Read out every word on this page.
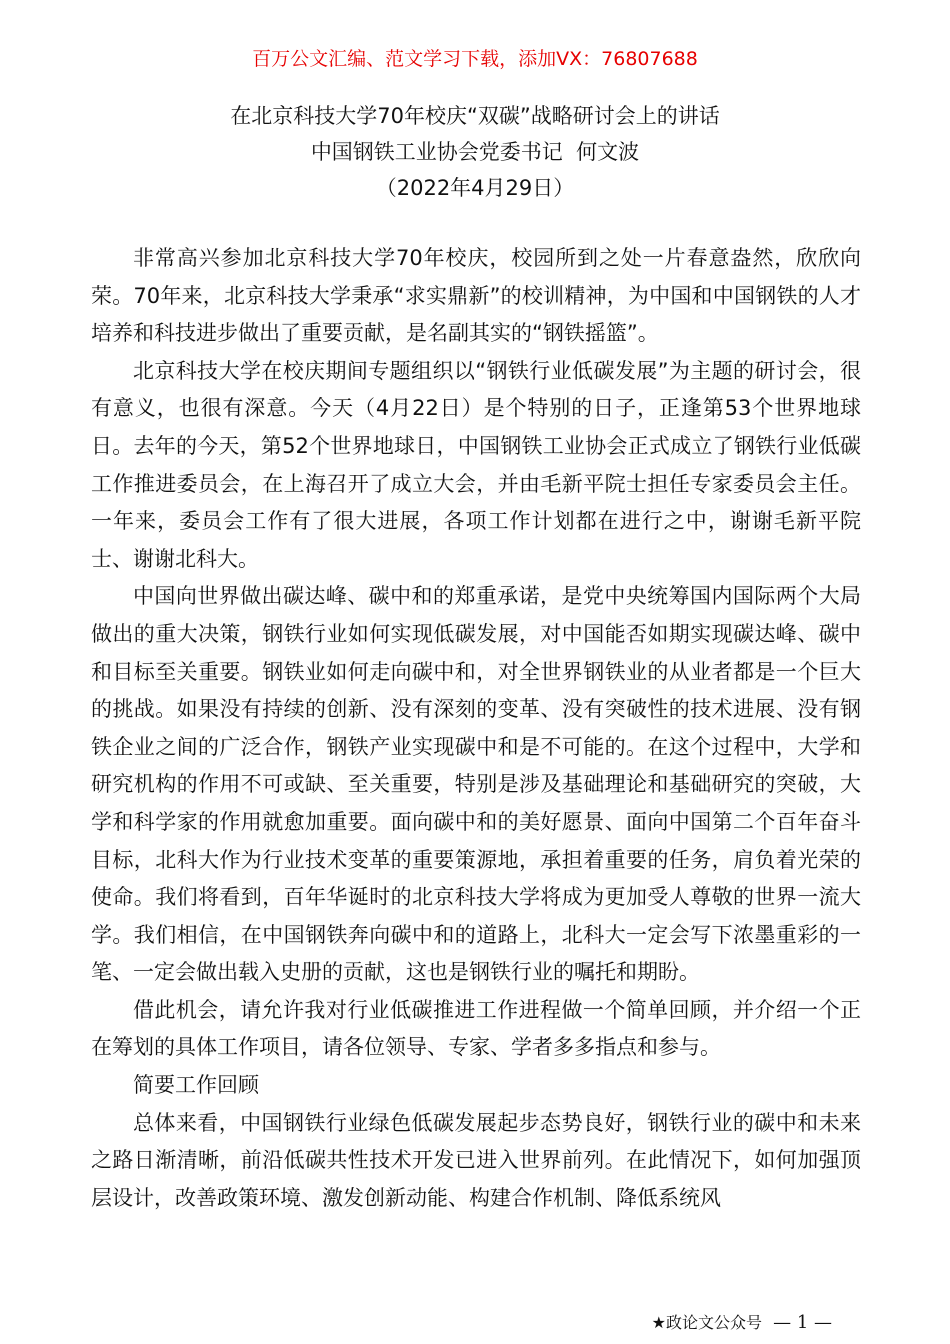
百万公文汇编、范文学习下载，添加VX：76807688
在北京科技大学70年校庆“双碳”战略研讨会上的讲话
中国钢铁工业协会党委书记  何文波
（2022年4月29日）

非常高兴参加北京科技大学70年校庆，校园所到之处一片春意盎然，欣欣向荣。70年来，北京科技大学秉承“求实鼎新”的校训精神，为中国和中国钢铁的人才培养和科技进步做出了重要贡献，是名副其实的“钢铁摇篮”。

北京科技大学在校庆期间专题组织以“钢铁行业低碳发展”为主题的研讨会，很有意义，也很有深意。今天（4月22日）是个特别的日子，正逢第53个世界地球日。去年的今天，第52个世界地球日，中国钢铁工业协会正式成立了钢铁行业低碳工作推进委员会，在上海召开了成立大会，并由毛新平院士担任专家委员会主任。一年来，委员会工作有了很大进展，各项工作计划都在进行之中，谢谢毛新平院士、谢谢北科大。

中国向世界做出碳达峰、碳中和的郑重承诺，是党中央统筹国内国际两个大局做出的重大决策，钢铁行业如何实现低碳发展，对中国能否如期实现碳达峰、碳中和目标至关重要。钢铁业如何走向碳中和，对全世界钢铁业的从业者都是一个巨大的挑战。如果没有持续的创新、没有深刻的变革、没有突破性的技术进展、没有钢铁企业之间的广泛合作，钢铁产业实现碳中和是不可能的。在这个过程中，大学和研究机构的作用不可或缺、至关重要，特别是涉及基础理论和基础研究的突破，大学和科学家的作用就愈加重要。面向碳中和的美好愿景、面向中国第二个百年奋斗目标，北科大作为行业技术变革的重要策源地，承担着重要的任务，肩负着光荣的使命。我们将看到，百年华诞时的北京科技大学将成为更加受人尊敬的世界一流大学。我们相信，在中国钢铁奔向碳中和的道路上，北科大一定会写下浓墨重彩的一笔、一定会做出载入史册的贡献，这也是钢铁行业的嘱托和期盼。

借此机会，请允许我对行业低碳推进工作进程做一个简单回顾，并介绍一个正在筹划的具体工作项目，请各位领导、专家、学者多多指点和参与。

简要工作回顾

总体来看，中国钢铁行业绿色低碳发展起步态势良好，钢铁行业的碳中和未来之路日渐清晰，前沿低碳共性技术开发已进入世界前列。在此情况下，如何加强顶层设计，改善政策环境、激发创新动能、构建合作机制、降低系统风

★政论文公众号 — 1 —
